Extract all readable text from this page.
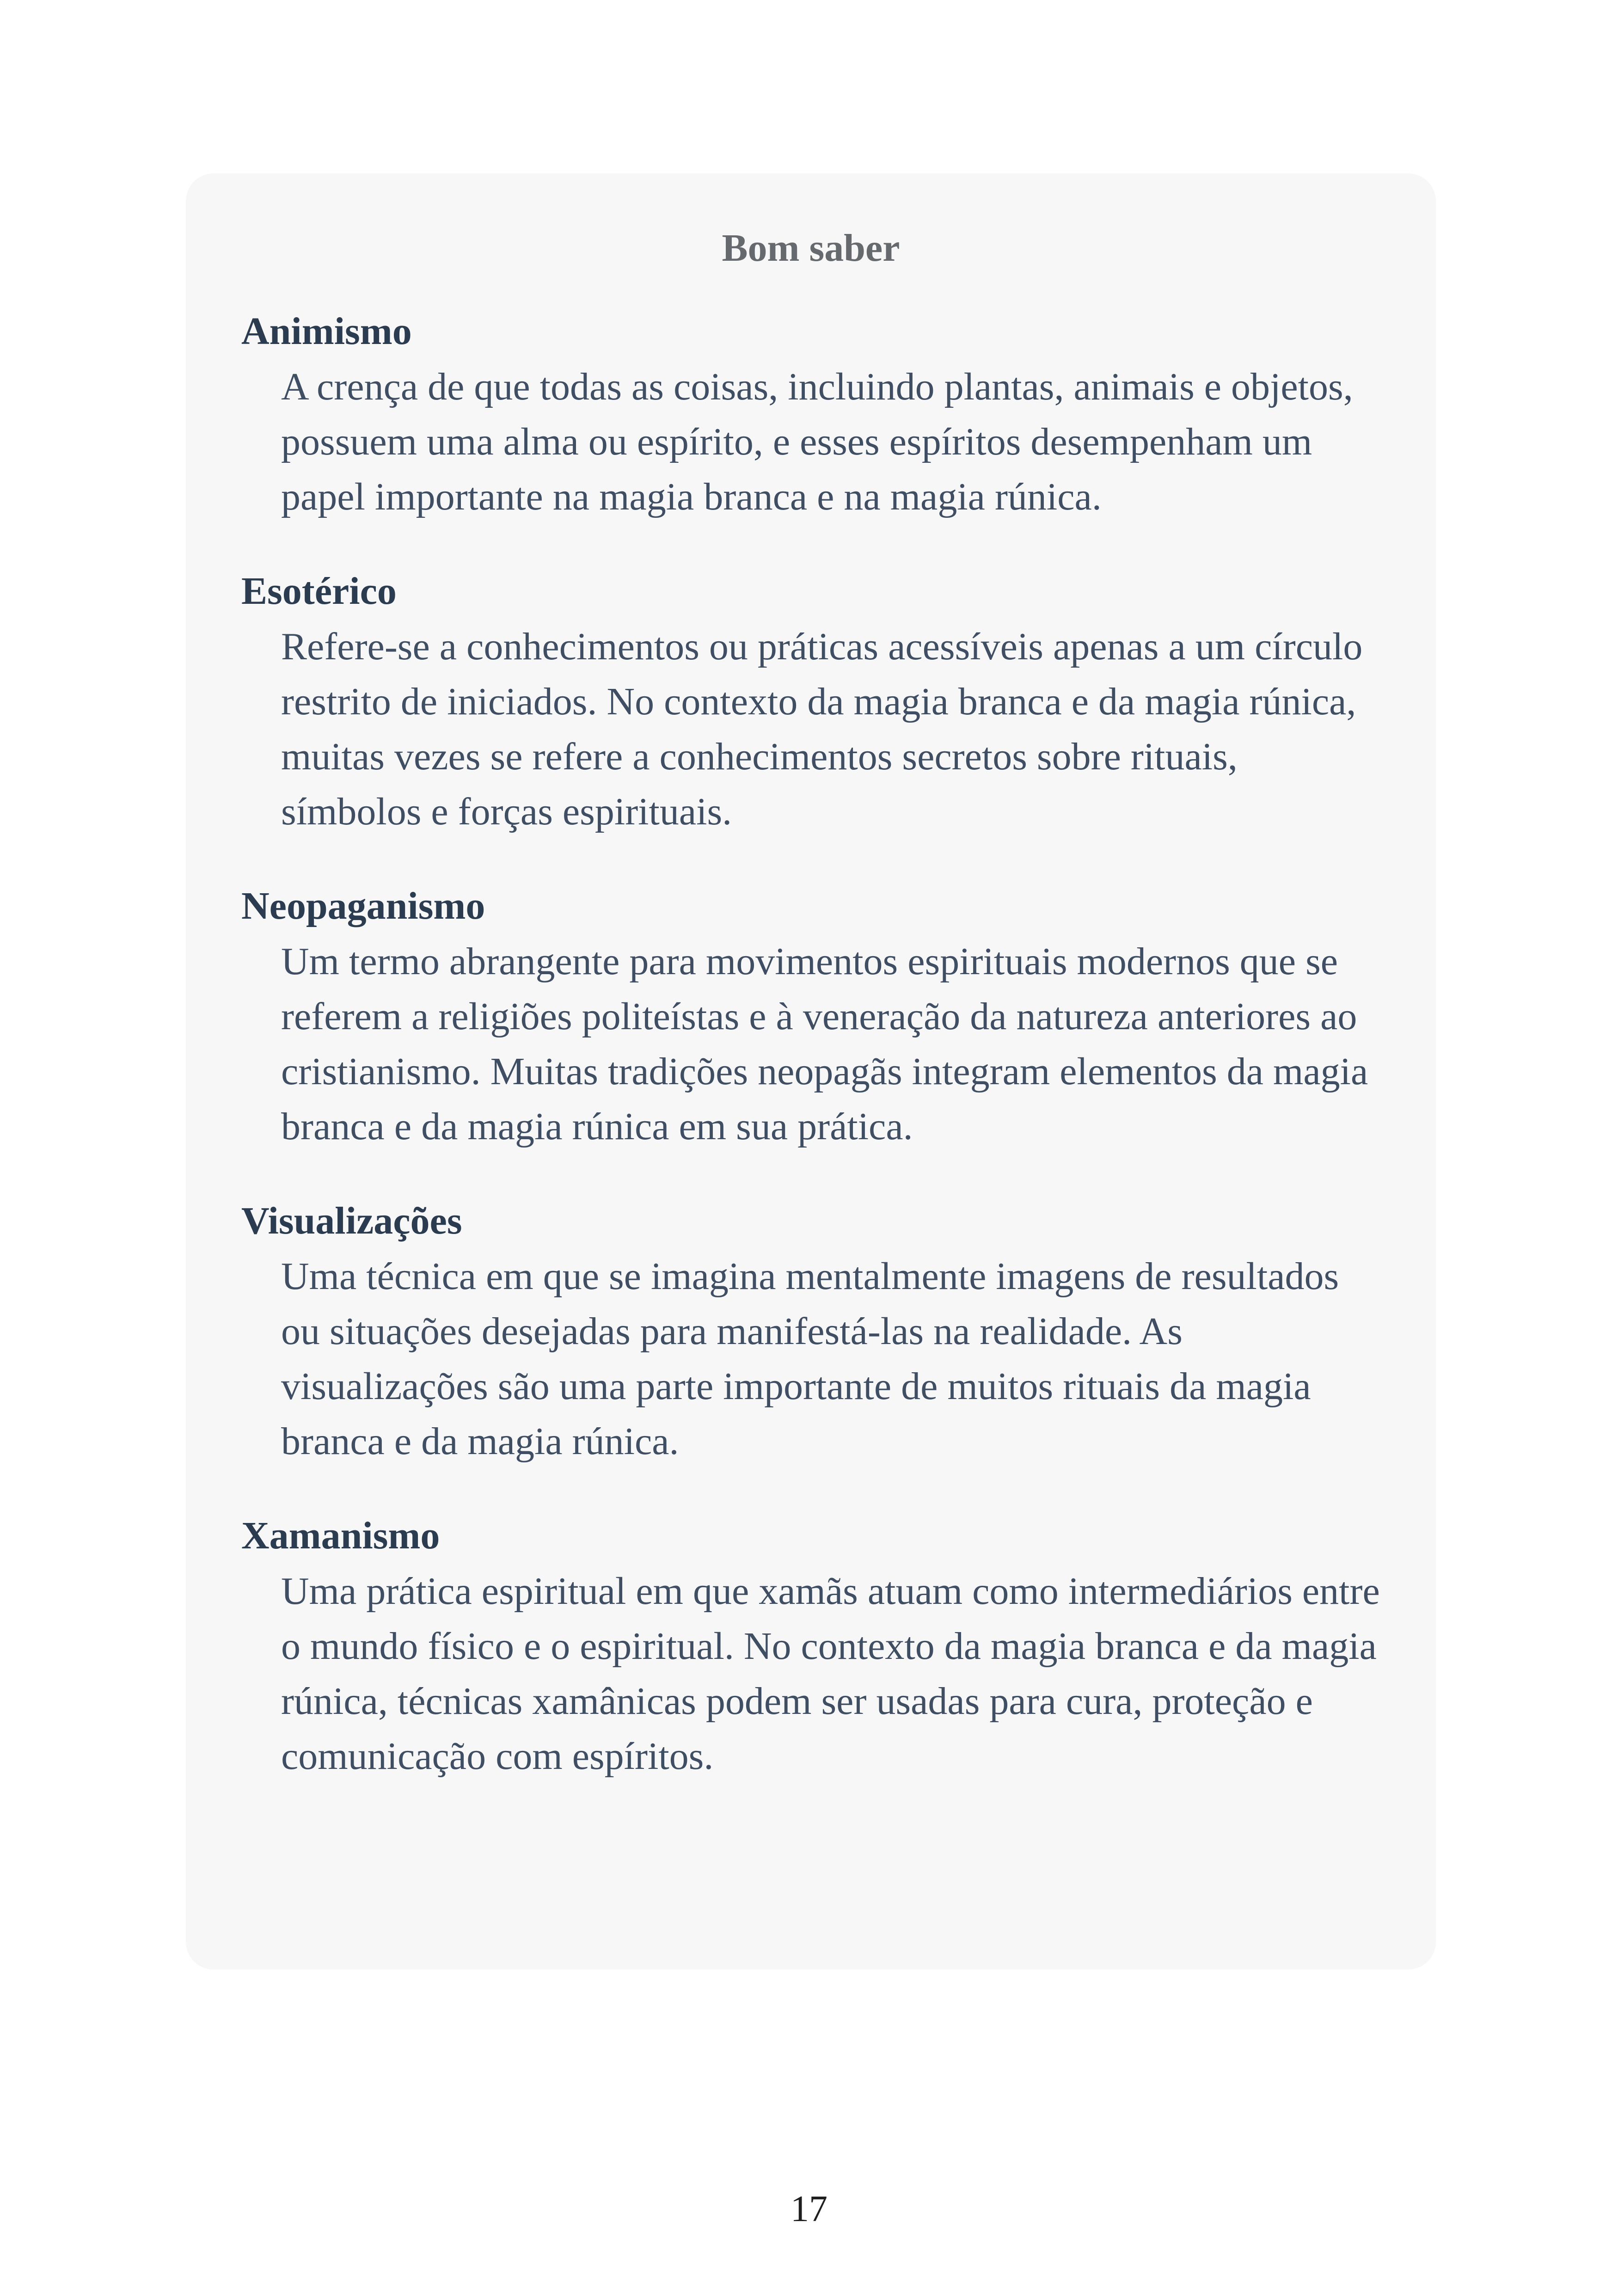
Bom saber
Animismo

A crença de que todas as coisas, incluindo plantas, animais e objetos, possuem uma alma ou espírito, e esses espíritos desempenham um papel importante na magia branca e na magia rúnica.

Esotérico

Refere-se a conhecimentos ou práticas acessíveis apenas a um círculo restrito de iniciados. No contexto da magia branca e da magia rúnica, muitas vezes se refere a conhecimentos secretos sobre rituais, símbolos e forças espirituais.

Neopaganismo

Um termo abrangente para movimentos espirituais modernos que se referem a religiões politeístas e à veneração da natureza anteriores ao cristianismo. Muitas tradições neopagãs integram elementos da magia branca e da magia rúnica em sua prática.

Visualizações

Uma técnica em que se imagina mentalmente imagens de resultados ou situações desejadas para manifestá-las na realidade. As visualizações são uma parte importante de muitos rituais da magia branca e da magia rúnica.

Xamanismo

Uma prática espiritual em que xamãs atuam como intermediários entre o mundo físico e o espiritual. No contexto da magia branca e da magia rúnica, técnicas xamânicas podem ser usadas para cura, proteção e comunicação com espíritos.

17
